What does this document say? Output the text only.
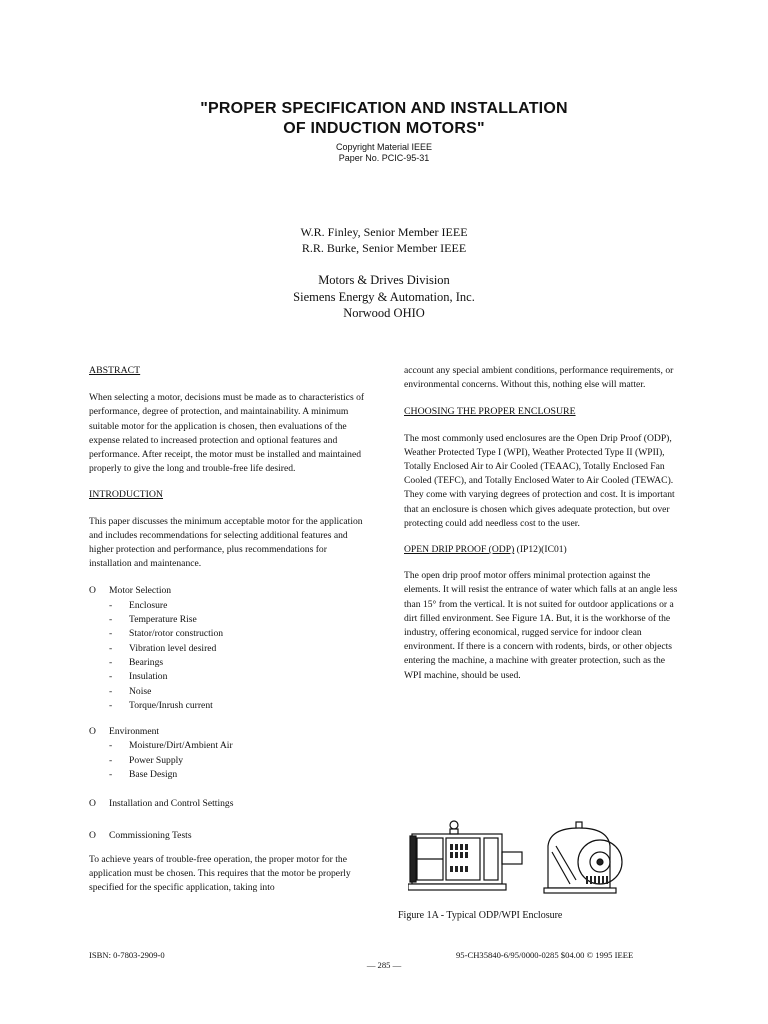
"PROPER SPECIFICATION AND INSTALLATION
OF INDUCTION MOTORS"
Copyright Material IEEE
Paper No. PCIC-95-31
W.R. Finley, Senior Member IEEE
R.R. Burke, Senior Member IEEE
Motors & Drives Division
Siemens Energy & Automation, Inc.
Norwood OHIO
ABSTRACT

When selecting a motor, decisions must be made as to characteristics of performance, degree of protection, and maintainability. A minimum suitable motor for the application is chosen, then evaluations of the expense related to increased protection and optional features and performance. After receipt, the motor must be installed and maintained properly to give the long and trouble-free life desired.

INTRODUCTION

This paper discusses the minimum acceptable motor for the application and includes recommendations for selecting additional features and higher protection and performance, plus recommendations for installation and maintenance.

O Motor Selection
- Enclosure
- Temperature Rise
- Stator/rotor construction
- Vibration level desired
- Bearings
- Insulation
- Noise
- Torque/Inrush current
O Environment
- Moisture/Dirt/Ambient Air
- Power Supply
- Base Design
O Installation and Control Settings
O Commissioning Tests

To achieve years of trouble-free operation, the proper motor for the application must be chosen. This requires that the motor be properly specified for the specific application, taking into

account any special ambient conditions, performance requirements, or environmental concerns. Without this, nothing else will matter.

CHOOSING THE PROPER ENCLOSURE

The most commonly used enclosures are the Open Drip Proof (ODP), Weather Protected Type I (WPI), Weather Protected Type II (WPII), Totally Enclosed Air to Air Cooled (TEAAC), Totally Enclosed Fan Cooled (TEFC), and Totally Enclosed Water to Air Cooled (TEWAC). They come with varying degrees of protection and cost. It is important that an enclosure is chosen which gives adequate protection, but over protecting could add needless cost to the user.

OPEN DRIP PROOF (ODP) (IP12)(IC01)

The open drip proof motor offers minimal protection against the elements. It will resist the entrance of water which falls at an angle less than 15° from the vertical. It is not suited for outdoor applications or a dirt filled environment. See Figure 1A. But, it is the workhorse of the industry, offering economical, rugged service for indoor clean environment. If there is a concern with rodents, birds, or other objects entering the machine, a machine with greater protection, such as the WPI machine, should be used.

Figure 1A - Typical ODP/WPI Enclosure
ISBN: 0-7803-2909-0
— 285 —
95-CH35840-6/95/0000-0285 $04.00 © 1995 IEEE
